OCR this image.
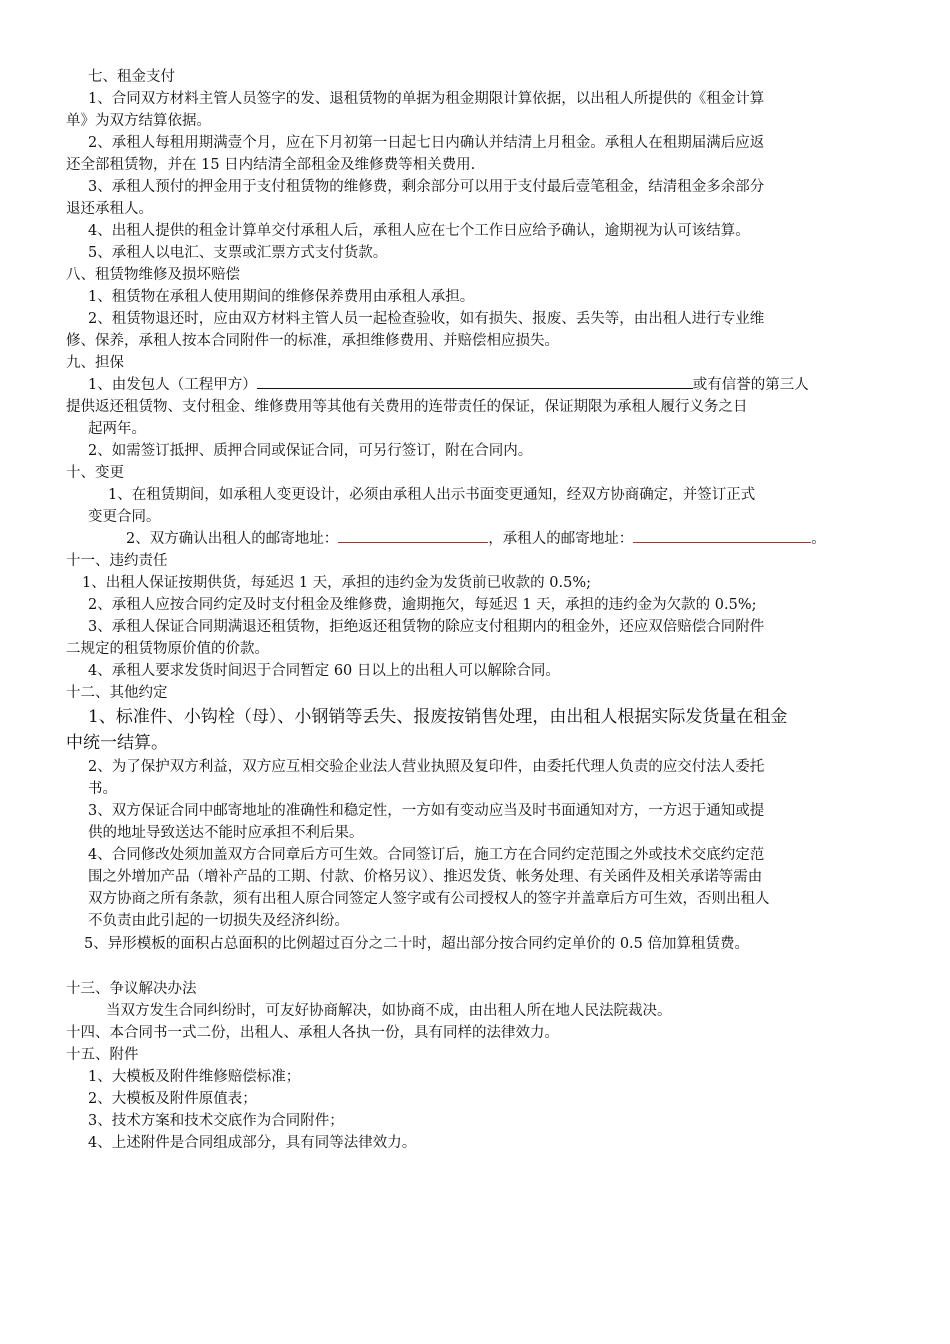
七、租金支付

1、合同双方材料主管人员签字的发、退租赁物的单据为租金期限计算依据，以出租人所提供的《租金计算
单》为双方结算依据。

2、承租人每租用期满壹个月，应在下月初第一日起七日内确认并结清上月租金。承租人在租期届满后应返
还全部租赁物，并在 15 日内结清全部租金及维修费等相关费用.

3、承租人预付的押金用于支付租赁物的维修费，剩余部分可以用于支付最后壹笔租金，结清租金多余部分
退还承租人。

4、出租人提供的租金计算单交付承租人后，承租人应在七个工作日应给予确认，逾期视为认可该结算。

5、承租人以电汇、支票或汇票方式支付货款。

八、租赁物维修及损坏赔偿

1、租赁物在承租人使用期间的维修保养费用由承租人承担。

2、租赁物退还时，应由双方材料主管人员一起检查验收，如有损失、报废、丢失等，由出租人进行专业维
修、保养，承租人按本合同附件一的标准，承担维修费用、并赔偿相应损失。

九、担保

1、由发包人（工程甲方）	或有信誉的第三人
提供返还租赁物、支付租金、维修费用等其他有关费用的连带责任的保证，保证期限为承租人履行义务之日
起两年。

2、如需签订抵押、质押合同或保证合同，可另行签订，附在合同内。

十、变更

1、在租赁期间，如承租人变更设计，必须由承租人出示书面变更通知，经双方协商确定，并签订正式
变更合同。

2、双方确认出租人的邮寄地址：	，承租人的邮寄地址：	。

十一、违约责任

1、出租人保证按期供货，每延迟 1 天，承担的违约金为发货前已收款的 0.5%;

2、承租人应按合同约定及时支付租金及维修费，逾期拖欠，每延迟 1 天，承担的违约金为欠款的 0.5%;

3、承租人保证合同期满退还租赁物，拒绝返还租赁物的除应支付租期内的租金外，还应双倍赔偿合同附件
二规定的租赁物原价值的价款。

4、承租人要求发货时间迟于合同暂定 60 日以上的出租人可以解除合同。

十二、其他约定

1、标准件、小钩栓（母）、小钢销等丢失、报废按销售处理，由出租人根据实际发货量在租金
中统一结算。

2、为了保护双方利益，双方应互相交验企业法人营业执照及复印件，由委托代理人负责的应交付法人委托
书。

3、双方保证合同中邮寄地址的准确性和稳定性，一方如有变动应当及时书面通知对方，一方迟于通知或提
供的地址导致送达不能时应承担不利后果。

4、合同修改处须加盖双方合同章后方可生效。合同签订后，施工方在合同约定范围之外或技术交底约定范
围之外增加产品（增补产品的工期、付款、价格另议）、推迟发货、帐务处理、有关函件及相关承诺等需由
双方协商之所有条款，须有出租人原合同签定人签字或有公司授权人的签字并盖章后方可生效，否则出租人
不负责由此引起的一切损失及经济纠纷。

5、异形模板的面积占总面积的比例超过百分之二十时，超出部分按合同约定单价的 0.5 倍加算租赁费。

十三、争议解决办法

当双方发生合同纠纷时，可友好协商解决，如协商不成，由出租人所在地人民法院裁决。

十四、本合同书一式二份，出租人、承租人各执一份，具有同样的法律效力。

十五、附件

1、大模板及附件维修赔偿标准；

2、大模板及附件原值表；

3、技术方案和技术交底作为合同附件；

4、上述附件是合同组成部分，具有同等法律效力。
